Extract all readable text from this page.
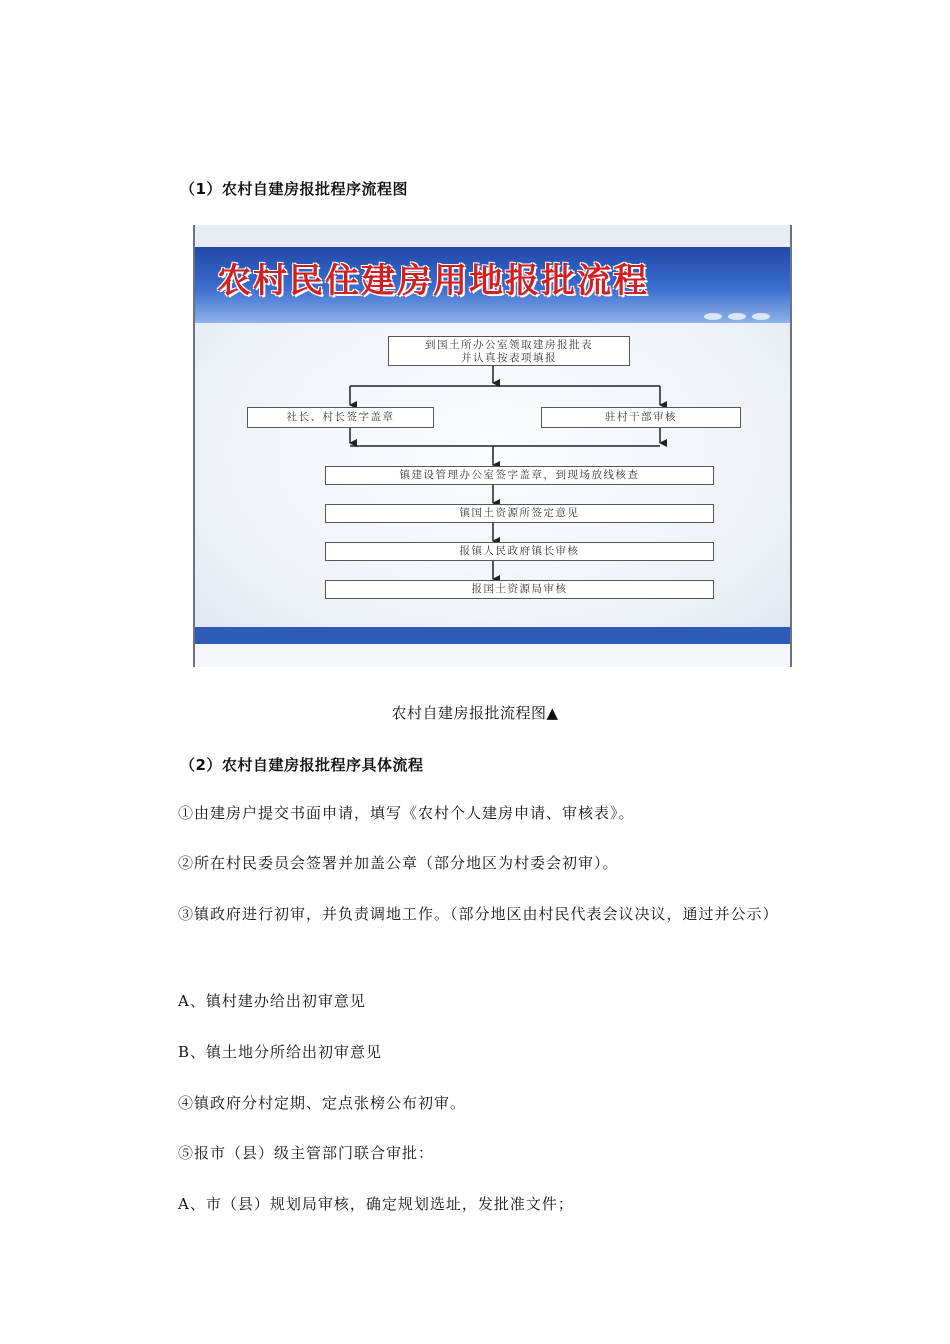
（1）农村自建房报批程序流程图
农村民住建房用地报批流程
到国土所办公室领取建房报批表
并认真按表项填报
社长、村长签字盖章	驻村干部审核
镇建设管理办公室签字盖章，到现场放线核查
镇国土资源所签定意见
报镇人民政府镇长审核
报国土资源局审核
农村自建房报批流程图▲
（2）农村自建房报批程序具体流程
①由建房户提交书面申请，填写《农村个人建房申请、审核表》。
②所在村民委员会签署并加盖公章（部分地区为村委会初审）。
③镇政府进行初审，并负责调地工作。（部分地区由村民代表会议决议，通过并公示）
A、镇村建办给出初审意见
B、镇土地分所给出初审意见
④镇政府分村定期、定点张榜公布初审。
⑤报市（县）级主管部门联合审批：
A、市（县）规划局审核，确定规划选址，发批准文件；
